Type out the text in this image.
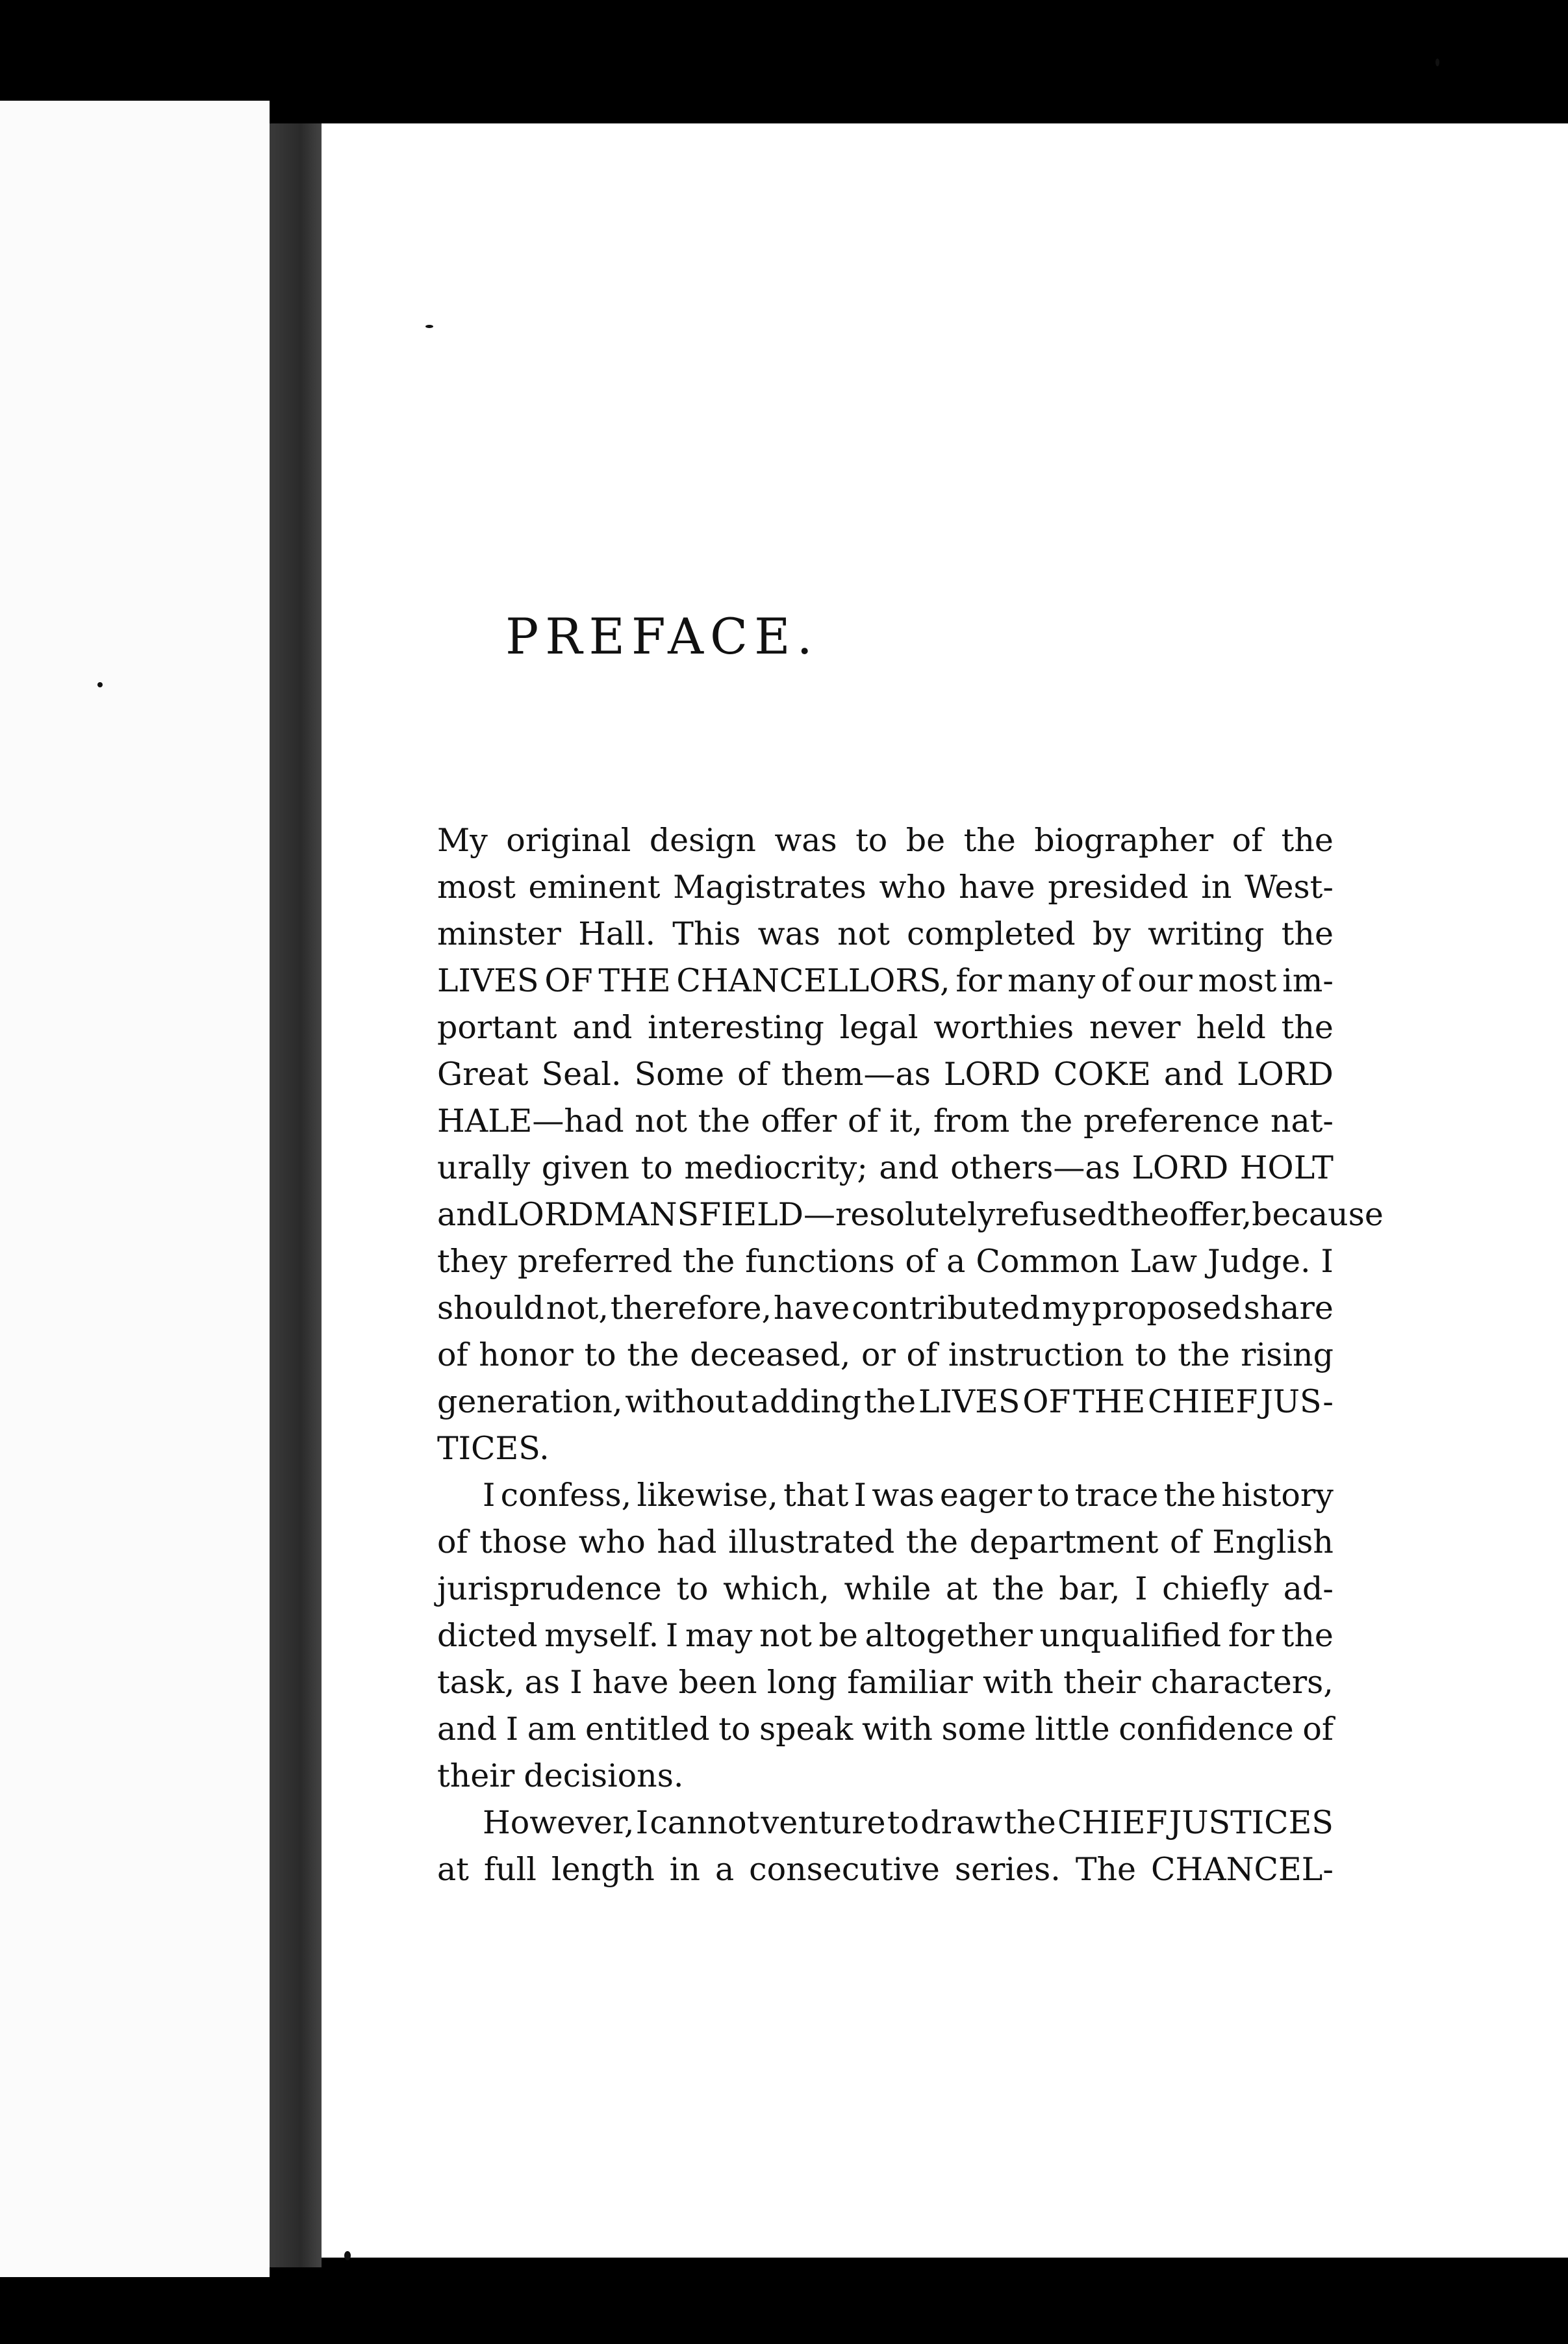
PREFACE.
My original design was to be the biographer of the
most eminent Magistrates who have presided in West-
minster Hall. This was not completed by writing the
LIVES OF THE CHANCELLORS, for many of our most im-
portant and interesting legal worthies never held the
Great Seal. Some of them—as LORD COKE and LORD
HALE—had not the offer of it, from the preference nat-
urally given to mediocrity; and others—as LORD HOLT
and LORD MANSFIELD—resolutely refused the offer, because
they preferred the functions of a Common Law Judge. I
should not, therefore, have contributed my proposed share
of honor to the deceased, or of instruction to the rising
generation, without adding the LIVES OF THE CHIEF JUS-
TICES.
I confess, likewise, that I was eager to trace the history
of those who had illustrated the department of English
jurisprudence to which, while at the bar, I chiefly ad-
dicted myself. I may not be altogether unqualified for the
task, as I have been long familiar with their characters,
and I am entitled to speak with some little confidence of
their decisions.
However, I cannot venture to draw the CHIEF JUSTICES
at full length in a consecutive series. The CHANCEL-
